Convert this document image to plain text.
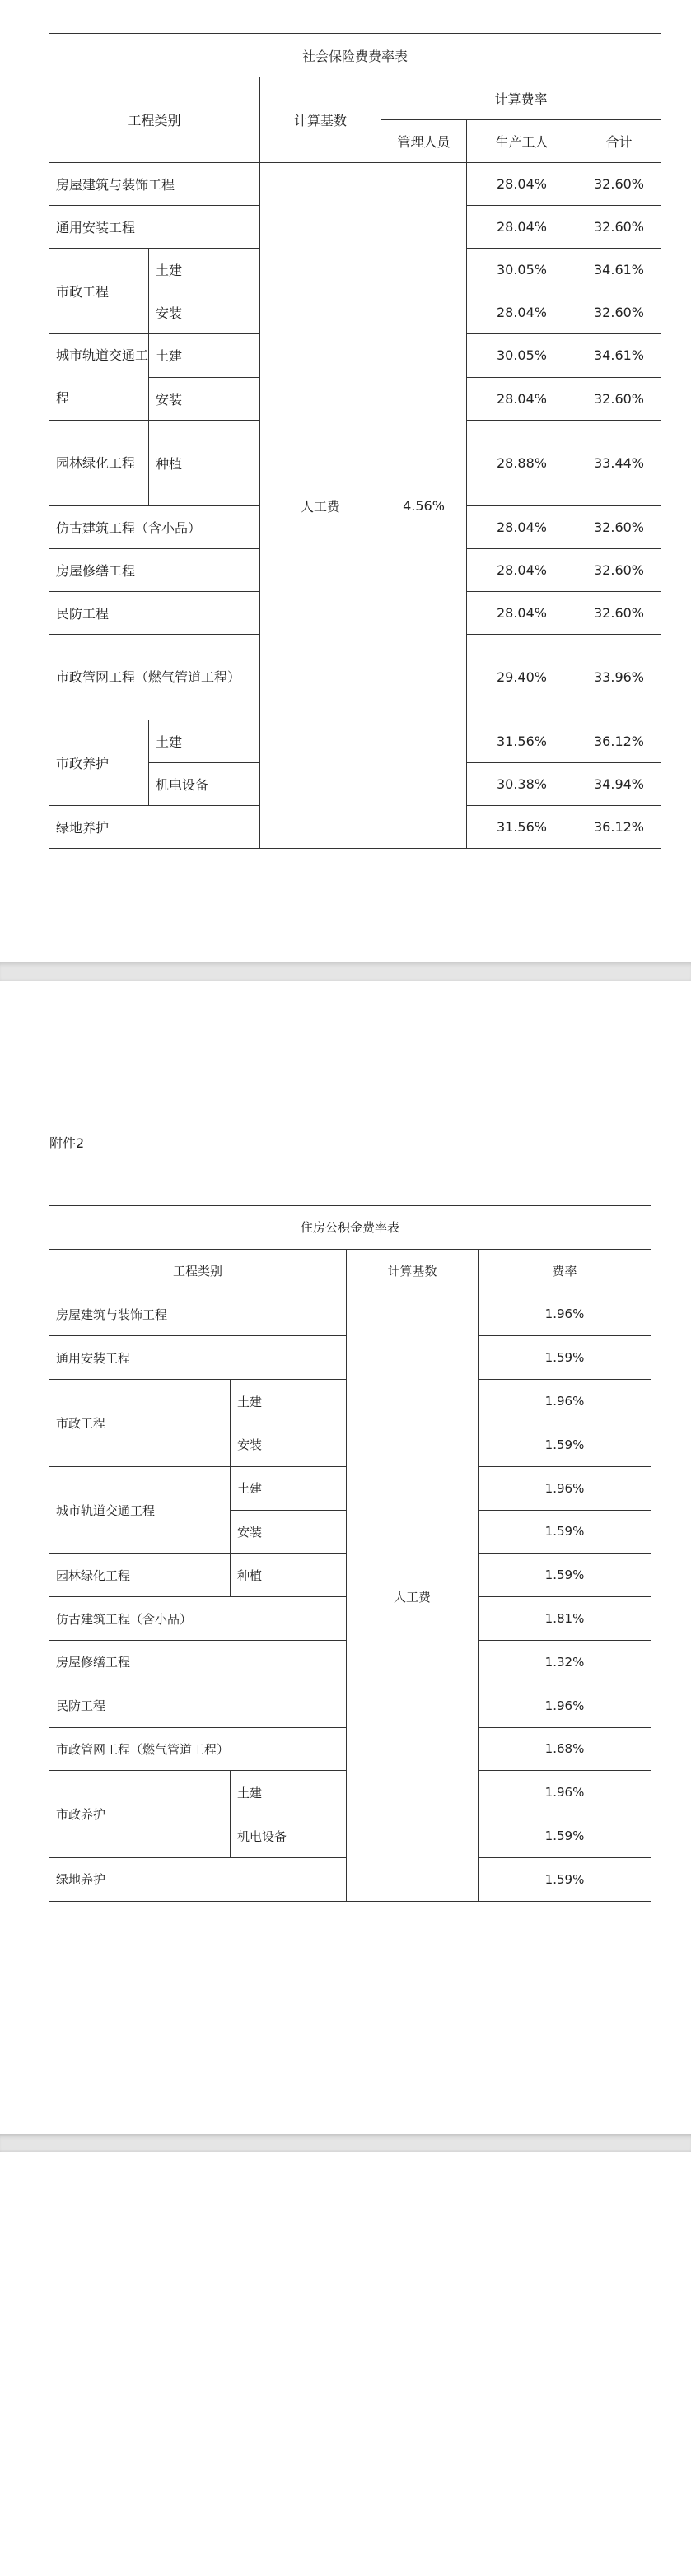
社会保险费费率表					
工程类别		计算基数	计算费率		
			管理人员	生产工人	合计
房屋建筑与装饰工程		人工费	4.56%	28.04%	32.60%
通用安装工程				28.04%	32.60%
市政工程	土建			30.05%	34.61%
	安装			28.04%	32.60%
城市轨道交通工程	土建			30.05%	34.61%
	安装			28.04%	32.60%
园林绿化工程	种植			28.88%	33.44%
仿古建筑工程（含小品）				28.04%	32.60%
房屋修缮工程				28.04%	32.60%
民防工程				28.04%	32.60%
市政管网工程（燃气管道工程）				29.40%	33.96%
市政养护	土建			31.56%	36.12%
	机电设备			30.38%	34.94%
绿地养护				31.56%	36.12%
附件2
住房公积金费率表			
工程类别		计算基数	费率
房屋建筑与装饰工程		人工费	1.96%
通用安装工程			1.59%
市政工程	土建		1.96%
	安装		1.59%
城市轨道交通工程	土建		1.96%
	安装		1.59%
园林绿化工程	种植		1.59%
仿古建筑工程（含小品）			1.81%
房屋修缮工程			1.32%
民防工程			1.96%
市政管网工程（燃气管道工程）			1.68%
市政养护	土建		1.96%
	机电设备		1.59%
绿地养护			1.59%
